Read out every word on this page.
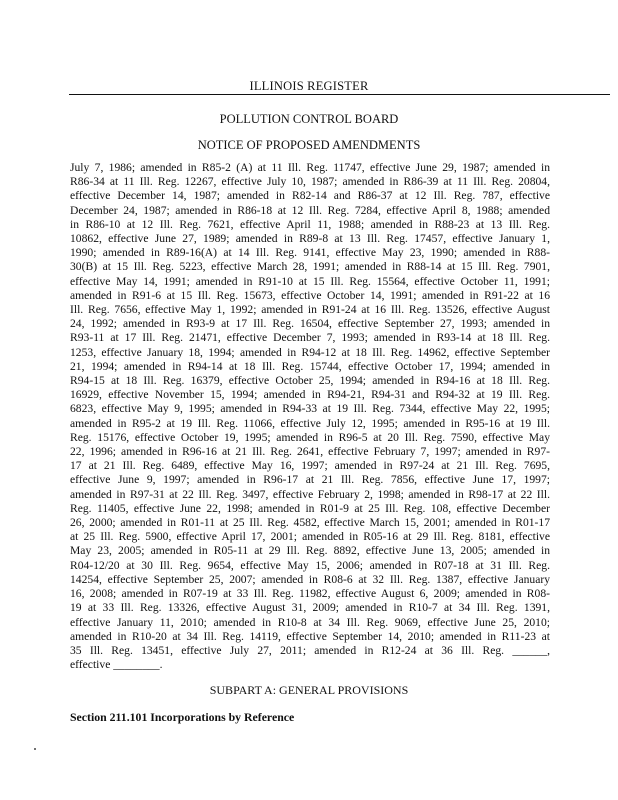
ILLINOIS REGISTER
POLLUTION CONTROL BOARD
NOTICE OF PROPOSED AMENDMENTS

July 7, 1986; amended in R85-2 (A) at 11 Ill. Reg. 11747, effective June 29, 1987; amended in
R86-34 at 11 Ill. Reg. 12267, effective July 10, 1987; amended in R86-39 at 11 Ill. Reg. 20804,
effective December 14, 1987; amended in R82-14 and R86-37 at 12 Ill. Reg. 787, effective
December 24, 1987; amended in R86-18 at 12 Ill. Reg. 7284, effective April 8, 1988; amended
in R86-10 at 12 Ill. Reg. 7621, effective April 11, 1988; amended in R88-23 at 13 Ill. Reg.
10862, effective June 27, 1989; amended in R89-8 at 13 Ill. Reg. 17457, effective January 1,
1990; amended in R89-16(A) at 14 Ill. Reg. 9141, effective May 23, 1990; amended in R88-
30(B) at 15 Ill. Reg. 5223, effective March 28, 1991; amended in R88-14 at 15 Ill. Reg. 7901,
effective May 14, 1991; amended in R91-10 at 15 Ill. Reg. 15564, effective October 11, 1991;
amended in R91-6 at 15 Ill. Reg. 15673, effective October 14, 1991; amended in R91-22 at 16
Ill. Reg. 7656, effective May 1, 1992; amended in R91-24 at 16 Ill. Reg. 13526, effective August
24, 1992; amended in R93-9 at 17 Ill. Reg. 16504, effective September 27, 1993; amended in
R93-11 at 17 Ill. Reg. 21471, effective December 7, 1993; amended in R93-14 at 18 Ill. Reg.
1253, effective January 18, 1994; amended in R94-12 at 18 Ill. Reg. 14962, effective September
21, 1994; amended in R94-14 at 18 Ill. Reg. 15744, effective October 17, 1994; amended in
R94-15 at 18 Ill. Reg. 16379, effective October 25, 1994; amended in R94-16 at 18 Ill. Reg.
16929, effective November 15, 1994; amended in R94-21, R94-31 and R94-32 at 19 Ill. Reg.
6823, effective May 9, 1995; amended in R94-33 at 19 Ill. Reg. 7344, effective May 22, 1995;
amended in R95-2 at 19 Ill. Reg. 11066, effective July 12, 1995; amended in R95-16 at 19 Ill.
Reg. 15176, effective October 19, 1995; amended in R96-5 at 20 Ill. Reg. 7590, effective May
22, 1996; amended in R96-16 at 21 Ill. Reg. 2641, effective February 7, 1997; amended in R97-
17 at 21 Ill. Reg. 6489, effective May 16, 1997; amended in R97-24 at 21 Ill. Reg. 7695,
effective June 9, 1997; amended in R96-17 at 21 Ill. Reg. 7856, effective June 17, 1997;
amended in R97-31 at 22 Ill. Reg. 3497, effective February 2, 1998; amended in R98-17 at 22 Ill.
Reg. 11405, effective June 22, 1998; amended in R01-9 at 25 Ill. Reg. 108, effective December
26, 2000; amended in R01-11 at 25 Ill. Reg. 4582, effective March 15, 2001; amended in R01-17
at 25 Ill. Reg. 5900, effective April 17, 2001; amended in R05-16 at 29 Ill. Reg. 8181, effective
May 23, 2005; amended in R05-11 at 29 Ill. Reg. 8892, effective June 13, 2005; amended in
R04-12/20 at 30 Ill. Reg. 9654, effective May 15, 2006; amended in R07-18 at 31 Ill. Reg.
14254, effective September 25, 2007; amended in R08-6 at 32 Ill. Reg. 1387, effective January
16, 2008; amended in R07-19 at 33 Ill. Reg. 11982, effective August 6, 2009; amended in R08-
19 at 33 Ill. Reg. 13326, effective August 31, 2009; amended in R10-7 at 34 Ill. Reg. 1391,
effective January 11, 2010; amended in R10-8 at 34 Ill. Reg. 9069, effective June 25, 2010;
amended in R10-20 at 34 Ill. Reg. 14119, effective September 14, 2010; amended in R11-23 at
35 Ill. Reg. 13451, effective July 27, 2011; amended in R12-24 at 36 Ill. Reg. ______,
effective ________.

SUBPART A: GENERAL PROVISIONS
Section 211.101 Incorporations by Reference
